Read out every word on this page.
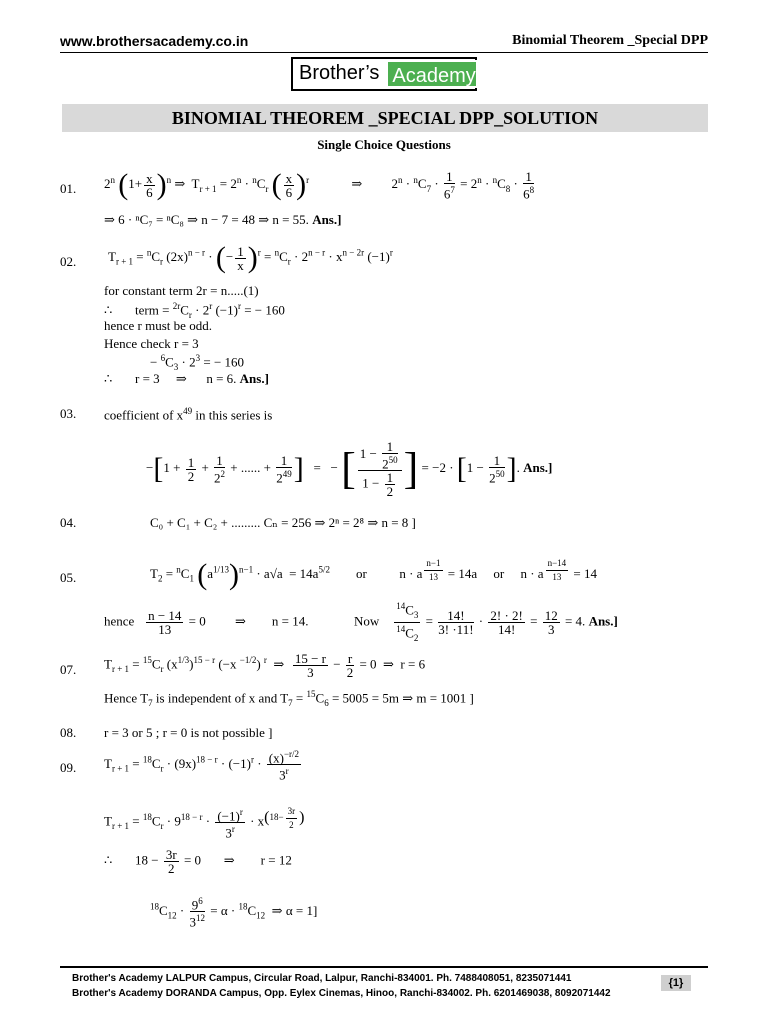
www.brothersacademy.co.in	Binomial Theorem _Special DPP
Brother’s Academy
BINOMIAL THEOREM _SPECIAL DPP_SOLUTION
Single Choice Questions
01. 2$^n$ $(1+ \frac{x}{6} )^n$ ⇒  $T_{r + 1} = 2^n \cdot ^nC_r$ ( $\frac{x}{6} )^r$             ⇒         $2^n \cdot ^nC_7 \cdot \frac{1}{6^7} = 2^n \cdot ^nC_8 \cdot \frac{1}{6^8}$
⇒ 6 · ⁿC₇ = ⁿC₈ ⇒ n − 7 = 48 ⇒ n = 55. Ans.]
02. $T_{r + 1} = ^nC_r$ $(2x)^{n - r}$ · (− $\frac{1}{x} )^r = ^nC_r \cdot 2^{n - r} \cdot x^{n - 2r}$ $(-1)^r$
for constant term 2r = n.....(1)
∴       term = $^{2r}C_r \cdot 2^r$ $(-1)^r$ = − 160
hence r must be odd.
Hence check r = 3
− $^6C_3 \cdot 2^3$ = − 160
∴       r = 3     ⇒      n = 6. Ans.]
03. coefficient of $x^{49}$ in this series is
$-[1 + \frac{1}{2} + \frac{1}{2^2}$ + ...... + $\frac{1}{2^{49}}$ ]   =   − [ $\frac{1 - \frac{1}{2^{50}}}{1 - \frac{1}{2}}$ ] = $-2 \cdot [1 - \frac{1}{2^{50}}$ ]. Ans.]
04.	C₀ + C₁ + C₂ + ......... Cₙ = 256 ⇒ 2ⁿ = 2⁸ ⇒ n = 8 ]
05.	$T_2 = ^nC_1$ $(a^{1/13})^{n-1} \cdot a√a = 14a^{5/2}$ or          n · a $^{\frac{n-1}{13}}$ = 14a     or     n · a $^{\frac{n-14}{13}}$ = 14
hence $\frac{n - 14}{13} = 0$         ⇒        n = 14.              Now $\frac{^{14}C_3}{^{14}C_2} = \frac{14!}{3! \cdot 11!} \cdot \frac{2! \cdot 2!}{14!} = \frac{12}{3} = 4$. Ans.]
07. $T_{r + 1} = ^{15}C_r$ $(x^{1/3})^{15 - r}$ (−x $^{-1/2}$) $^r$  ⇒ $\frac{15 - r}{3} - \frac{r}{2} = 0$  ⇒  r = 6
Hence $T_7$ is independent of x and $T_7 = ^{15}C_6 = 5005 = 5m$ ⇒ m = 1001 ]
08. r = 3 or 5 ; r = 0 is not possible ]
09. $T_{r + 1} = ^{18}C_r \cdot (9x)^{18 - r} \cdot (-1)^r \cdot \frac{(x)^{-r/2}}{3^r}$
$T_{r + 1} = ^{18}C_r \cdot 9^{18 - r} \cdot \frac{(-1)^r}{3^r} \cdot x^{(18- \frac{3r}{2} )}$
∴       $18 - \frac{3r}{2} = 0$       ⇒        r = 12
$^{18}C_{12} \cdot \frac{9^6}{3^{12}} = \alpha \cdot ^{18}C_{12}$  ⇒ α = 1]
Brother's Academy LALPUR Campus, Circular Road, Lalpur, Ranchi-834001. Ph. 7488408051, 8235071441
Brother's Academy DORANDA Campus, Opp. Eylex Cinemas, Hinoo, Ranchi-834002. Ph. 6201469038, 8092071442
{1}
